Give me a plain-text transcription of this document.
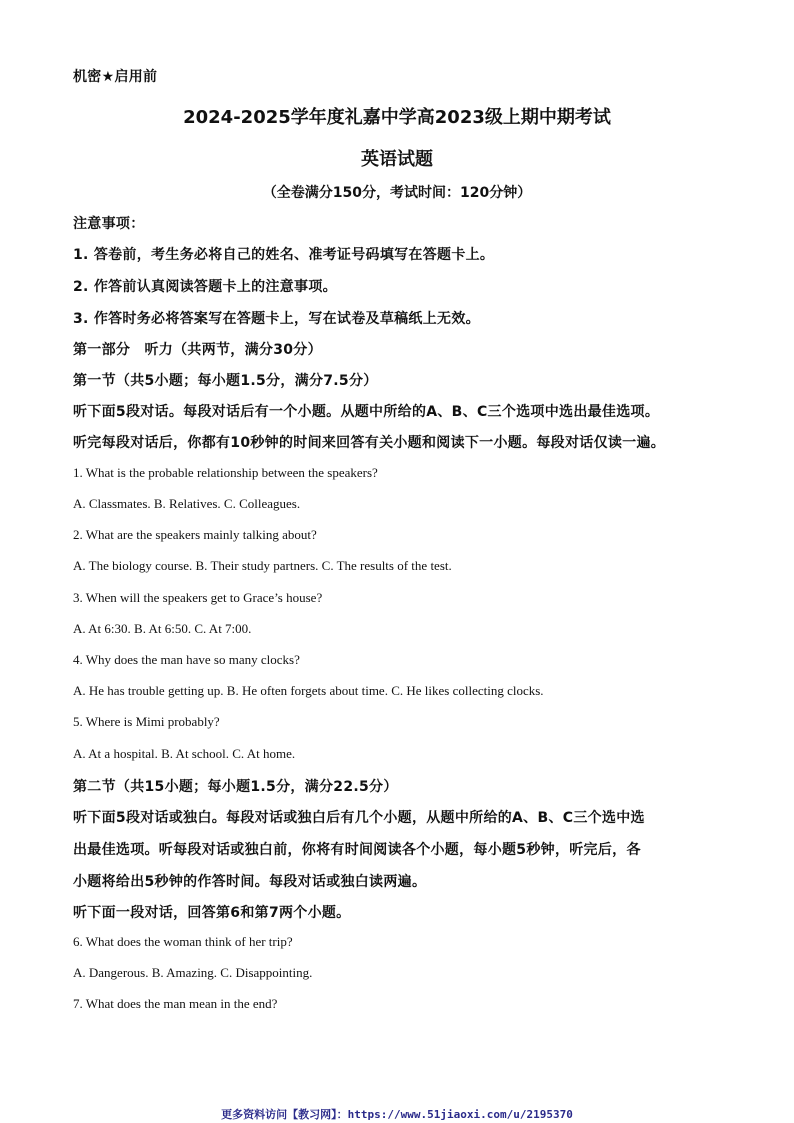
机密★启用前
2024-2025学年度礼嘉中学高2023级上期中期考试
英语试题
（全卷满分150分，考试时间：120分钟）
注意事项：
1. 答卷前，考生务必将自己的姓名、准考证号码填写在答题卡上。
2. 作答前认真阅读答题卡上的注意事项。
3. 作答时务必将答案写在答题卡上，写在试卷及草稿纸上无效。
第一部分　听力（共两节，满分30分）
第一节（共5小题；每小题1.5分，满分7.5分）
听下面5段对话。每段对话后有一个小题。从题中所给的A、B、C三个选项中选出最佳选项。
听完每段对话后，你都有10秒钟的时间来回答有关小题和阅读下一小题。每段对话仅读一遍。
1. What is the probable relationship between the speakers?
A. Classmates. B. Relatives. C. Colleagues.
2. What are the speakers mainly talking about?
A. The biology course. B. Their study partners. C. The results of the test.
3. When will the speakers get to Grace’s house?
A. At 6:30. B. At 6:50. C. At 7:00.
4. Why does the man have so many clocks?
A. He has trouble getting up. B. He often forgets about time. C. He likes collecting clocks.
5. Where is Mimi probably?
A. At a hospital. B. At school. C. At home.
第二节（共15小题；每小题1.5分，满分22.5分）
听下面5段对话或独白。每段对话或独白后有几个小题，从题中所给的A、B、C三个选中选
出最佳选项。听每段对话或独白前，你将有时间阅读各个小题，每小题5秒钟，听完后，各
小题将给出5秒钟的作答时间。每段对话或独白读两遍。
听下面一段对话，回答第6和第7两个小题。
6. What does the woman think of her trip?
A. Dangerous. B. Amazing. C. Disappointing.
7. What does the man mean in the end?
更多资料访问【教习网】：https://www.51jiaoxi.com/u/2195370
